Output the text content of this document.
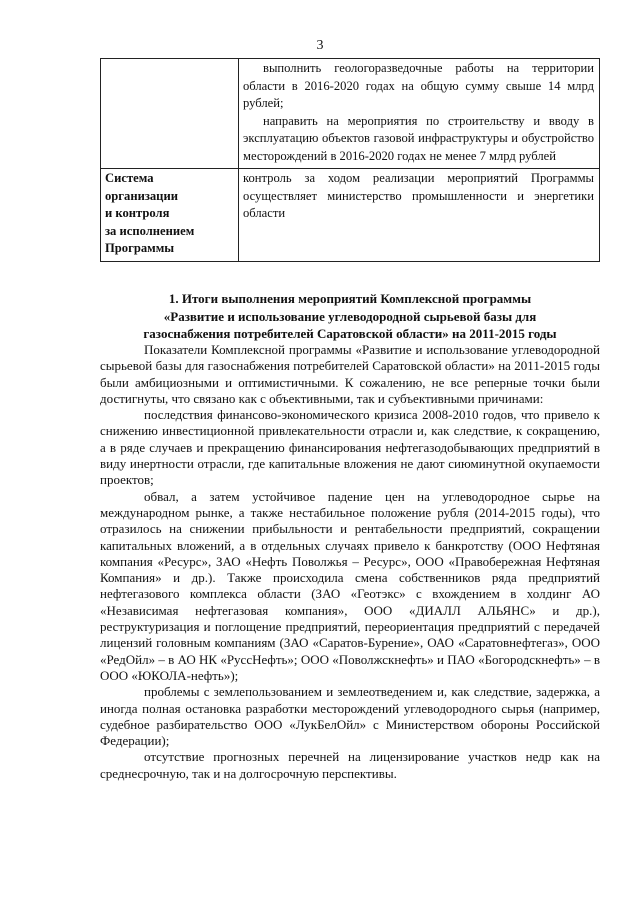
3

	выполнить геологоразведочные работы на территории области в 2016-2020 годах на общую сумму свыше 14 млрд рублей;
направить на мероприятия по строительству и вводу в эксплуатацию объектов газовой инфраструктуры и обустройство месторождений в 2016-2020 годах не менее 7 млрд рублей

Система
организации
и контроля
за исполнением
Программы	контроль за ходом реализации мероприятий Программы осуществляет министерство промышленности и энергетики области
1. Итоги выполнения мероприятий Комплексной программы
«Развитие и использование углеводородной сырьевой базы для
газоснабжения потребителей Саратовской области» на 2011-2015 годы

Показатели Комплексной программы «Развитие и использование углеводородной сырьевой базы для газоснабжения потребителей Саратовской области» на 2011-2015 годы были амбициозными и оптимистичными. К сожалению, не все реперные точки были достигнуты, что связано как с объективными, так и субъективными причинами:

последствия финансово-экономического кризиса 2008-2010 годов, что привело к снижению инвестиционной привлекательности отрасли и, как следствие, к сокращению, а в ряде случаев и прекращению финансирования нефтегазодобывающих предприятий в виду инертности отрасли, где капитальные вложения не дают сиюминутной окупаемости проектов;

обвал, а затем устойчивое падение цен на углеводородное сырье на международном рынке, а также нестабильное положение рубля (2014-2015 годы), что отразилось на снижении прибыльности и рентабельности предприятий, сокращении капитальных вложений, а в отдельных случаях привело к банкротству (ООО Нефтяная компания «Ресурс», ЗАО «Нефть Поволжья – Ресурс», ООО «Правобережная Нефтяная Компания» и др.). Также происходила смена собственников ряда предприятий нефтегазового комплекса области (ЗАО «Геотэкс» с вхождением в холдинг АО «Независимая нефтегазовая компания», ООО «ДИАЛЛ АЛЬЯНС» и др.), реструктуризация и поглощение предприятий, переориентация предприятий с передачей лицензий головным компаниям (ЗАО «Саратов-Бурение», ОАО «Саратовнефтегаз», ООО «РедОйл» – в АО НК «РуссНефть»; ООО «Поволжскнефть» и ПАО «Богородскнефть» – в ООО «ЮКОЛА-нефть»);

проблемы с землепользованием и землеотведением и, как следствие, задержка, а иногда полная остановка разработки месторождений углеводородного сырья (например, судебное разбирательство ООО «ЛукБелОйл» с Министерством обороны Российской Федерации);

отсутствие прогнозных перечней на лицензирование участков недр как на среднесрочную, так и на долгосрочную перспективы.
